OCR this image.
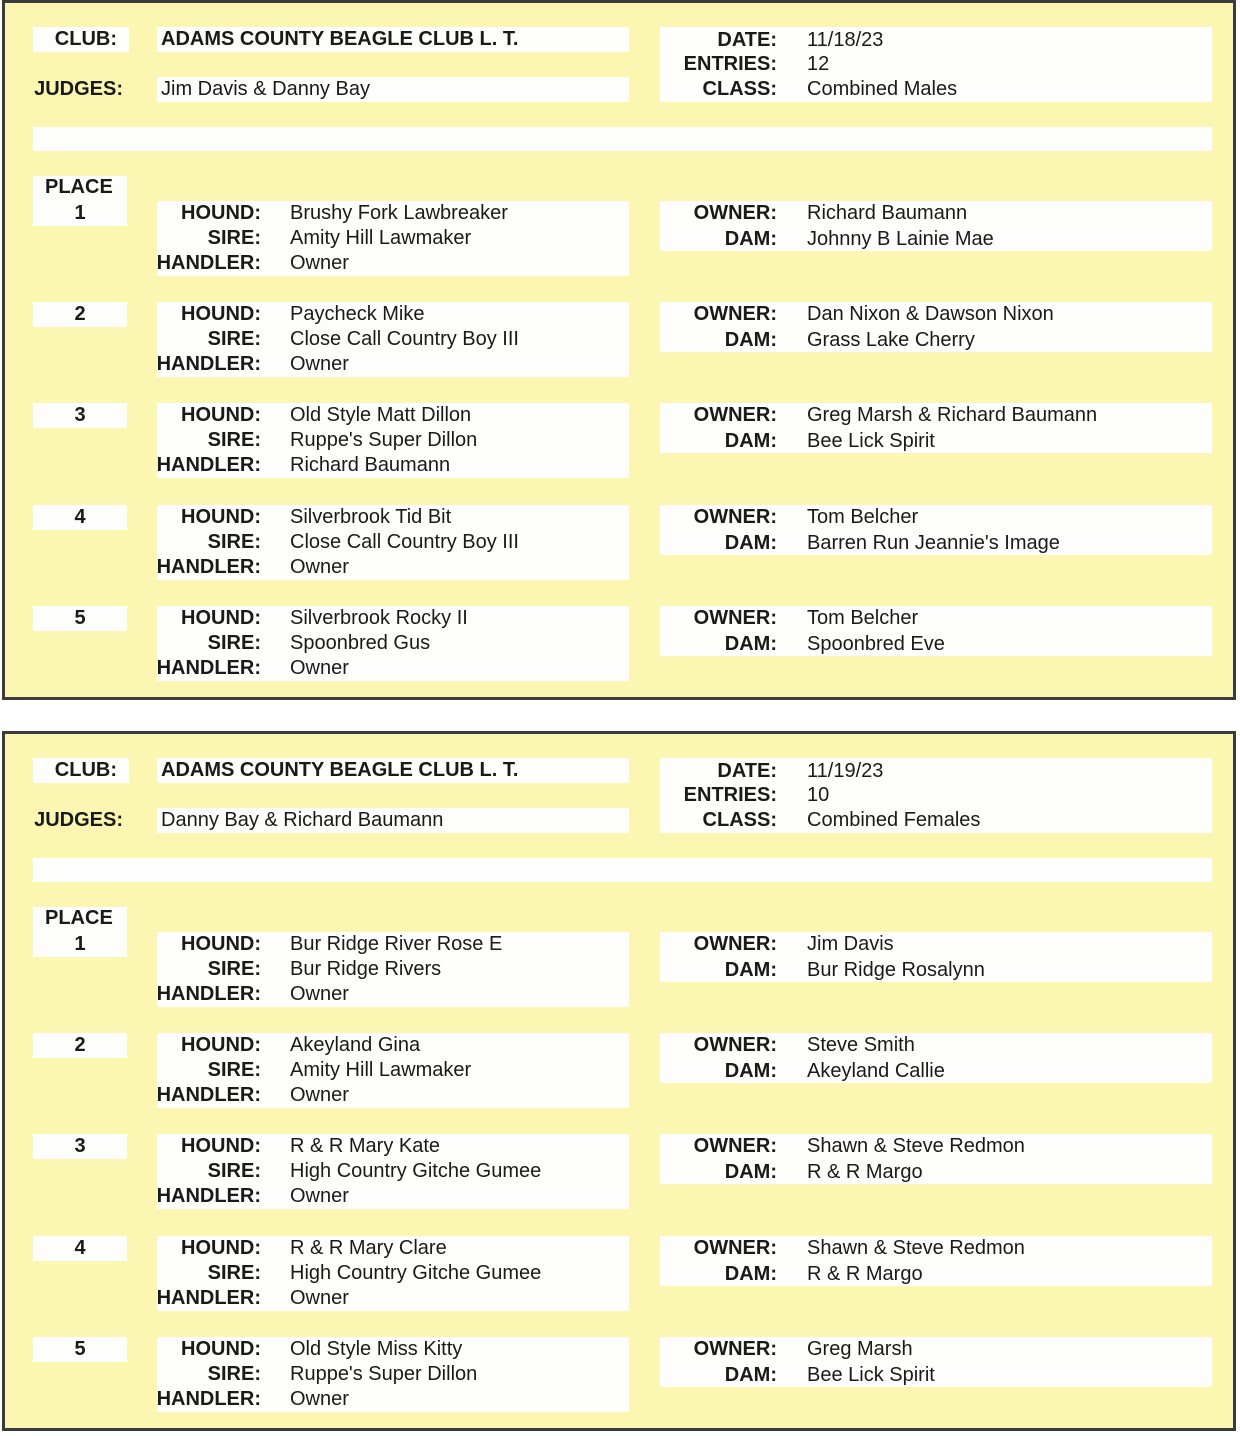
CLUB: ADAMS COUNTY BEAGLE CLUB L. T.
JUDGES: Jim Davis & Danny Bay
DATE: 11/18/23
ENTRIES: 12
CLASS: Combined Males
PLACE
1	HOUND: Brushy Fork Lawbreaker
SIRE: Amity Hill Lawmaker
HANDLER: Owner
OWNER: Richard Baumann
DAM: Johnny B Lainie Mae
2	HOUND: Paycheck Mike
SIRE: Close Call Country Boy III
HANDLER: Owner
OWNER: Dan Nixon & Dawson Nixon
DAM: Grass Lake Cherry
3	HOUND: Old Style Matt Dillon
SIRE: Ruppe's Super Dillon
HANDLER: Richard Baumann
OWNER: Greg Marsh & Richard Baumann
DAM: Bee Lick Spirit
4	HOUND: Silverbrook Tid Bit
SIRE: Close Call Country Boy III
HANDLER: Owner
OWNER: Tom Belcher
DAM: Barren Run Jeannie's Image
5	HOUND: Silverbrook Rocky II
SIRE: Spoonbred Gus
HANDLER: Owner
OWNER: Tom Belcher
DAM: Spoonbred Eve
CLUB: ADAMS COUNTY BEAGLE CLUB L. T.
JUDGES: Danny Bay & Richard Baumann
DATE: 11/19/23
ENTRIES: 10
CLASS: Combined Females
PLACE
1	HOUND: Bur Ridge River Rose E
SIRE: Bur Ridge Rivers
HANDLER: Owner
OWNER: Jim Davis
DAM: Bur Ridge Rosalynn
2	HOUND: Akeyland Gina
SIRE: Amity Hill Lawmaker
HANDLER: Owner
OWNER: Steve Smith
DAM: Akeyland Callie
3	HOUND: R & R Mary Kate
SIRE: High Country Gitche Gumee
HANDLER: Owner
OWNER: Shawn & Steve Redmon
DAM: R & R Margo
4	HOUND: R & R Mary Clare
SIRE: High Country Gitche Gumee
HANDLER: Owner
OWNER: Shawn & Steve Redmon
DAM: R & R Margo
5	HOUND: Old Style Miss Kitty
SIRE: Ruppe's Super Dillon
HANDLER: Owner
OWNER: Greg Marsh
DAM: Bee Lick Spirit
